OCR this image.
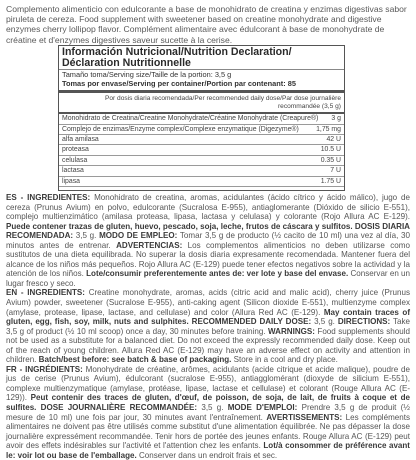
Complemento alimenticio con edulcorante a base de monohidrato de creatina y enzimas digestivas sabor piruleta de cereza. Food supplement with sweetener based on creatine monohydrate and digestive enzymes cherry lollipop flavor. Complément alimentaire avec édulcorant à base de monohydrate de créatine et d'enzymes digestives saveur sucette à la cerise.

Información Nutricional/Nutrition Declaration/
Déclaration Nutritionnelle
Tamaño toma/Serving size/Taille de la portion: 3,5 g
Tomas por envase/Serving per container/Portion par contenant: 85
Por dosis diaria recomendada/Per recommended daily dose/Par dose journalière recommandée (3,5 g)
Monohidrato de Creatina/Creatine Monohydrate/Créatine Monohydrate (Creapure®) 3 g
Complejo de enzimas/Enzyme complex/Complexe enzymatique (Digezyme®)	1,75 mg
alfa amilasa	42 U
proteasa	10.5 U
celulasa	0.35 U
lactasa	7 U
lipasa	1.75 U

ES - INGREDIENTES: Monohidrato de creatina, aromas, acidulantes (ácido cítrico y ácido málico), jugo de cereza (Prunus Avium) en polvo, edulcorante (Sucralosa E-955), antiaglomerante (Dióxido de silicio E-551), complejo multienzimático (amilasa proteasa, lipasa, lactasa y celulasa) y colorante (Rojo Allura AC E-129). Puede contener trazas de gluten, huevo, pescado, soja, leche, frutos de cáscara y sulfitos. DOSIS DIARIA RECOMENDADA: 3,5 g. MODO DE EMPLEO: Tomar 3,5 g de producto (½ cacito de 10 ml) una vez al día, 30 minutos antes de entrenar. ADVERTENCIAS: Los complementos alimenticios no deben utilizarse como sustitutos de una dieta equilibrada. No superar la dosis diaria expresamente recomendada. Mantener fuera del alcance de los niños más pequeños. Rojo Allura AC (E-129) puede tener efectos negativos sobre la actividad y la atención de los niños. Lote/consumir preferentemente antes de: ver lote y base del envase. Conservar en un lugar fresco y seco.

EN - INGREDIENTS: Creatine monohydrate, aromas, acids (citric acid and malic acid), cherry juice (Prunus Avium) powder, sweetener (Sucralose E-955), anti-caking agent (Silicon dioxide E-551), multienzyme complex (amylase, protease, lipase, lactase, and cellulase) and color (Allura Red AC (E-129). May contain traces of gluten, egg, fish, soy, milk, nuts and sulphites. RECOMMENDED DAILY DOSE: 3,5 g. DIRECTIONS: Take 3,5 g of product (½ 10 ml scoop) once a day, 30 minutes before training. WARNINGS: Food supplements should not be used as a substitute for a balanced diet. Do not exceed the expressly recommended daily dose. Keep out of the reach of young children. Allura Red AC (E-129) may have an adverse effect on activity and attention in children. Batch/best before: see batch & base of packaging. Store in a cool and dry place.

FR - INGRÉDIENTS: Monohydrate de créatine, arômes, acidulants (acide citrique et acide malique), poudre de jus de cerise (Prunus Avium), édulcorant (sucralose E-955), antiagglomérant (dioxyde de silicium E-551), complexe multienzymatique (amylase, protéase, lipase, lactase et cellulase) et colorant (Rouge Allura AC (E-129)). Peut contenir des traces de gluten, d'œuf, de poisson, de soja, de lait, de fruits à coque et de sulfites. DOSE JOURNALIÈRE RECOMMANDÉE: 3,5 g. MODE D'EMPLOI: Prendre 3,5 g de produit (½ mesure de 10 ml) une fois par jour, 30 minutes avant l'entraînement. AVERTISSEMENTS: Les compléments alimentaires ne doivent pas être utilisés comme substitut d'une alimentation équilibrée. Ne pas dépasser la dose journalière expressément recommandée. Tenir hors de portée des jeunes enfants. Rouge Allura AC (E-129) peut avoir des effets indésirables sur l'activité et l'attention chez les enfants. Lot/à consommer de préférence avant le: voir lot ou base de l'emballage. Conserver dans un endroit frais et sec.
